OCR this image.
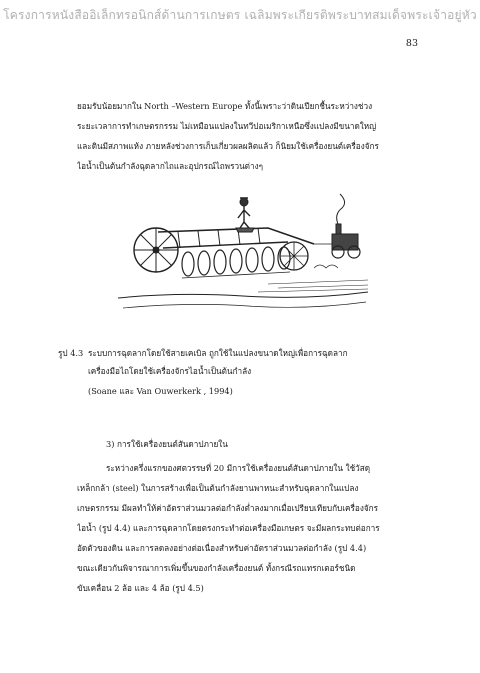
โครงการหนังสืออิเล็กทรอนิกส์ด้านการเกษตร เฉลิมพระเกียรติพระบาทสมเด็จพระเจ้าอยู่หัว
83
ยอมรับน้อยมากใน North –Western Europe ทั้งนี้เพราะว่าดินเปียกชื้นระหว่างช่วง
ระยะเวลาการทำเกษตรกรรม ไม่เหมือนแปลงในทวีปอเมริกาเหนือซึ่งแปลงมีขนาดใหญ่
และดินมีสภาพแห้ง ภายหลังช่วงการเก็บเกี่ยวผลผลิตแล้ว ก็นิยมใช้เครื่องยนต์เครื่องจักร
ไอน้ำเป็นต้นกำลังฉุดลากไถและอุปกรณ์ไถพรวนต่างๆ
รูป 4.3 ระบบการฉุดลากโดยใช้สายเคเบิล ถูกใช้ในแปลงขนาดใหญ่เพื่อการฉุดลาก
เครื่องมือไถโดยใช้เครื่องจักรไอน้ำเป็นต้นกำลัง
(Soane และ Van Ouwerkerk , 1994)
3) การใช้เครื่องยนต์สันดาปภายใน
ระหว่างครึ่งแรกของศตวรรษที่ 20 มีการใช้เครื่องยนต์สันดาปภายใน ใช้วัสดุ
เหล็กกล้า (steel) ในการสร้างเพื่อเป็นต้นกำลังยานพาหนะสำหรับฉุดลากในแปลง
เกษตรกรรม มีผลทำให้ค่าอัตราส่วนมวลต่อกำลังต่ำลงมากเมื่อเปรียบเทียบกับเครื่องจักร
ไอน้ำ (รูป 4.4) และการฉุดลากโดยตรงกระทำต่อเครื่องมือเกษตร จะมีผลกระทบต่อการ
อัดตัวของดิน และการลดลงอย่างต่อเนื่องสำหรับค่าอัตราส่วนมวลต่อกำลัง (รูป 4.4)
ขณะเดียวกันพิจารณาการเพิ่มขึ้นของกำลังเครื่องยนต์ ทั้งกรณีรถแทรกเตอร์ชนิด
ขับเคลื่อน 2 ล้อ และ 4 ล้อ (รูป 4.5)
